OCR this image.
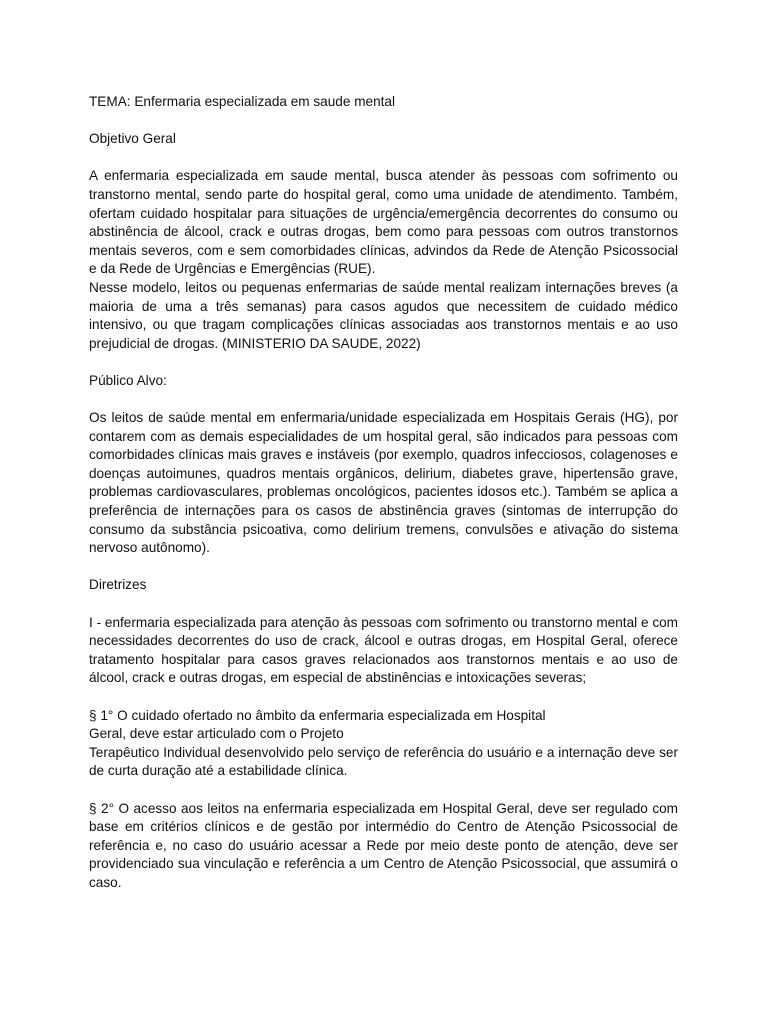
TEMA: Enfermaria especializada em saude mental

Objetivo Geral

A enfermaria especializada em saude mental, busca atender às pessoas com sofrimento ou transtorno mental, sendo parte do hospital geral, como uma unidade de atendimento. Também, ofertam cuidado hospitalar para situações de urgência/emergência decorrentes do consumo ou abstinência de álcool, crack e outras drogas, bem como para pessoas com outros transtornos mentais severos, com e sem comorbidades clínicas, advindos da Rede de Atenção Psicossocial e da Rede de Urgências e Emergências (RUE).

Nesse modelo, leitos ou pequenas enfermarias de saúde mental realizam internações breves (a maioria de uma a três semanas) para casos agudos que necessitem de cuidado médico intensivo, ou que tragam complicações clínicas associadas aos transtornos mentais e ao uso prejudicial de drogas. (MINISTERIO DA SAUDE, 2022)

Público Alvo:

Os leitos de saúde mental em enfermaria/unidade especializada em Hospitais Gerais (HG), por contarem com as demais especialidades de um hospital geral, são indicados para pessoas com comorbidades clínicas mais graves e instáveis (por exemplo, quadros infecciosos, colagenoses e doenças autoimunes, quadros mentais orgânicos, delirium, diabetes grave, hipertensão grave, problemas cardiovasculares, problemas oncológicos, pacientes idosos etc.). Também se aplica a preferência de internações para os casos de abstinência graves (sintomas de interrupção do consumo da substância psicoativa, como delirium tremens, convulsões e ativação do sistema nervoso autônomo).

Diretrizes

I - enfermaria especializada para atenção às pessoas com sofrimento ou transtorno mental e com necessidades decorrentes do uso de crack, álcool e outras drogas, em Hospital Geral, oferece tratamento hospitalar para casos graves relacionados aos transtornos mentais e ao uso de álcool, crack e outras drogas, em especial de abstinências e intoxicações severas;

§ 1° O cuidado ofertado no âmbito da enfermaria especializada em Hospital

Geral, deve estar articulado com o Projeto

Terapêutico Individual desenvolvido pelo serviço de referência do usuário e a internação deve ser de curta duração até a estabilidade clínica.

§ 2° O acesso aos leitos na enfermaria especializada em Hospital Geral, deve ser regulado com base em critérios clínicos e de gestão por intermédio do Centro de Atenção Psicossocial de referência e, no caso do usuário acessar a Rede por meio deste ponto de atenção, deve ser providenciado sua vinculação e referência a um Centro de Atenção Psicossocial, que assumirá o caso.
